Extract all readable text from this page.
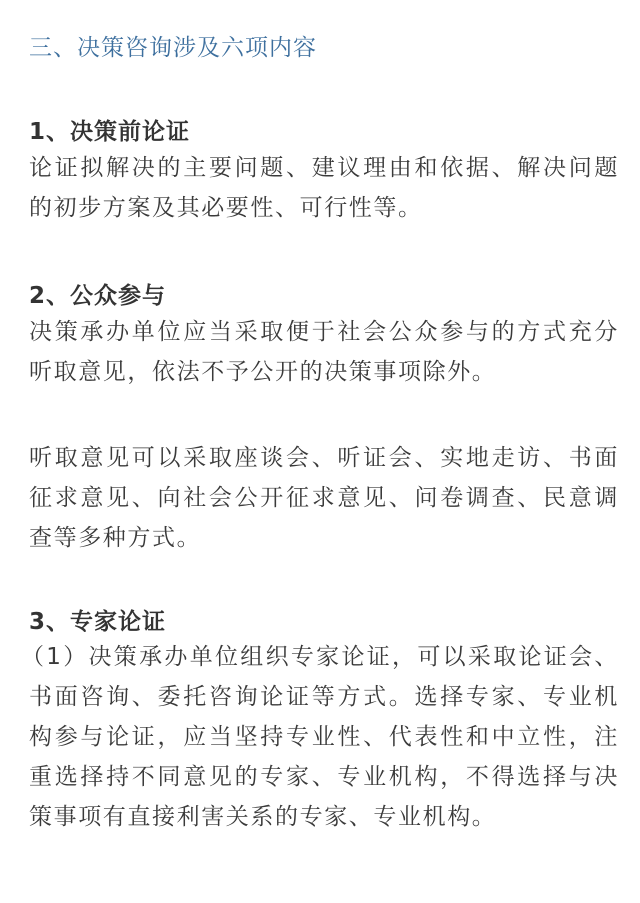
三、决策咨询涉及六项内容
1、决策前论证
论证拟解决的主要问题、建议理由和依据、解决问题的初步方案及其必要性、可行性等。
2、公众参与
决策承办单位应当采取便于社会公众参与的方式充分听取意见，依法不予公开的决策事项除外。
听取意见可以采取座谈会、听证会、实地走访、书面征求意见、向社会公开征求意见、问卷调查、民意调查等多种方式。
3、专家论证
（1）决策承办单位组织专家论证，可以采取论证会、书面咨询、委托咨询论证等方式。选择专家、专业机构参与论证，应当坚持专业性、代表性和中立性，注重选择持不同意见的专家、专业机构，不得选择与决策事项有直接利害关系的专家、专业机构。
